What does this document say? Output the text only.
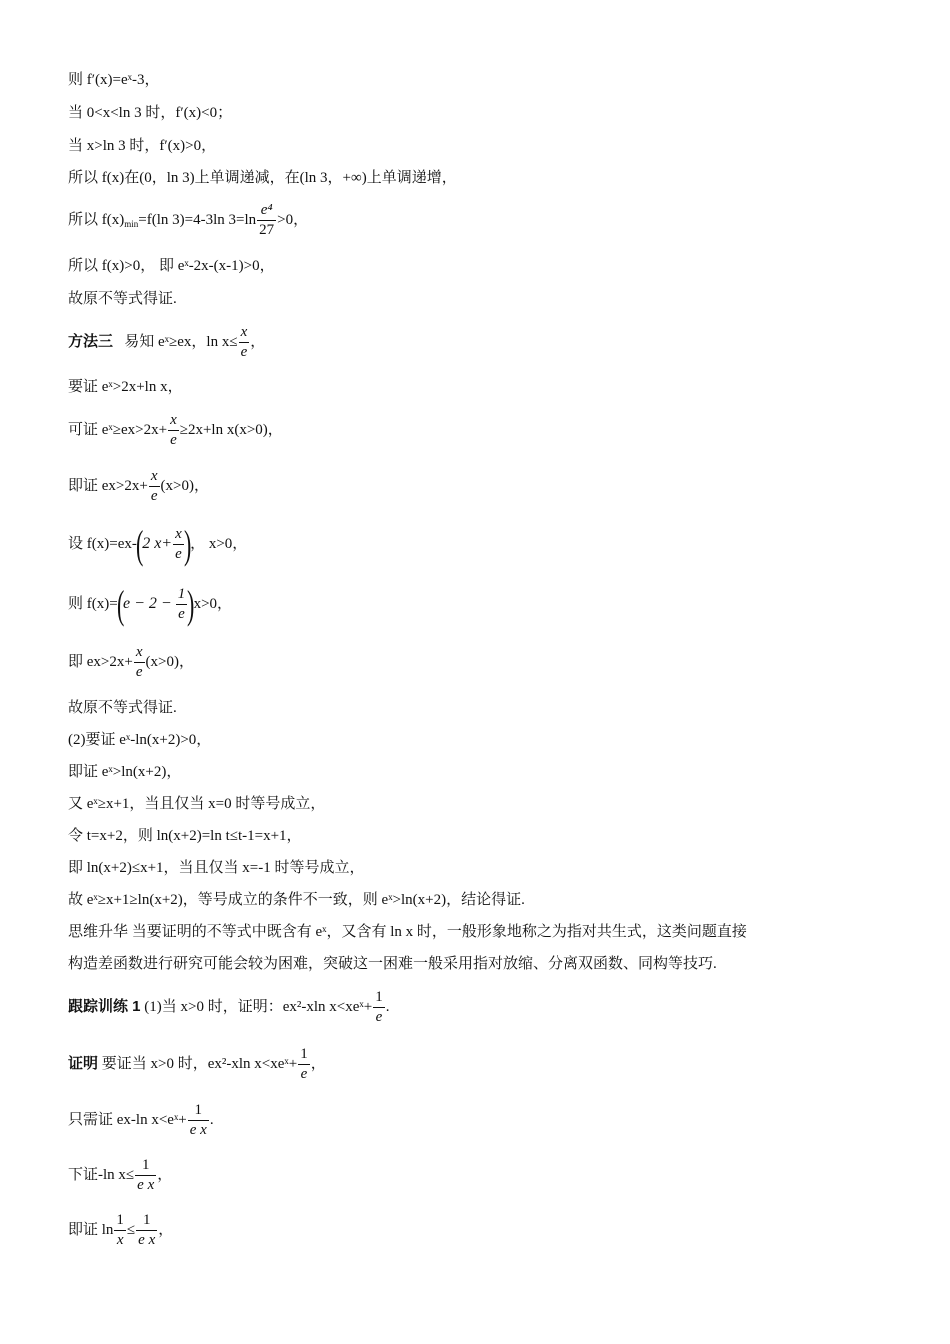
则 f′(x)=eˣ-3，
当 0<x<ln 3 时，f′(x)<0；
当 x>ln 3 时，f′(x)>0，
所以 f(x)在(0，ln 3)上单调递减，在(ln 3，+∞)上单调递增，
所以 $f(x)_{min}=f(\ln$ 3)=4-3ln $3=\ln \frac{\text{e⁴}}{27} >0$，
所以 f(x)>0， 即 eˣ-2x-(x-1)>0，
故原不等式得证.
方法三 易知 eˣ≥ex，$\ln x\le \frac{x}{e}$ ，
要证 eˣ>2x+ln x，
可证 eˣ≥ex>2x+ $\frac{x}{e} \ge 2x+\ln$ x(x>0)，
即证 $ex>2x+ \frac{x}{e} (x>0)$，
设 f(x)=ex-(2 $x+ \frac{x}{e}$ )， x>0，
则 $f(x)=(e - 2 - \frac{1}{e} )x>0$，
即 $ex>2x+ \frac{x}{e} (x>0)$，
故原不等式得证.
(2)要证 eˣ-ln(x+2)>0，
即证 eˣ>ln(x+2)，
又 eˣ≥x+1，当且仅当 x=0 时等号成立，
令 t=x+2，则 ln(x+2)=ln t≤t-1=x+1，
即 ln(x+2)≤x+1，当且仅当 x=-1 时等号成立，
故 eˣ≥x+1≥ln(x+2)，等号成立的条件不一致，则 eˣ>ln(x+2)，结论得证.
思维升华 当要证明的不等式中既含有 eˣ，又含有 ln x 时，一般形象地称之为指对共生式，这类问题直接
构造差函数进行研究可能会较为困难，突破这一困难一般采用指对放缩、分离双函数、同构等技巧.
跟踪训练 1 (1)当 x>0 时，证明：ex²-xln x<xeˣ+ $\frac{1}{e}$ .
证明 要证当 x>0 时，ex²-xln x<xeˣ+ $\frac{1}{e}$ ，
只需证 ex-ln x<eˣ+ $\frac{1}{\text{e x}}$ .
下证-ln $x\le \frac{1}{\text{e x}}$ ，
即证 $\ln \frac{1}{x} \le \frac{1}{\text{e x}}$ ，
